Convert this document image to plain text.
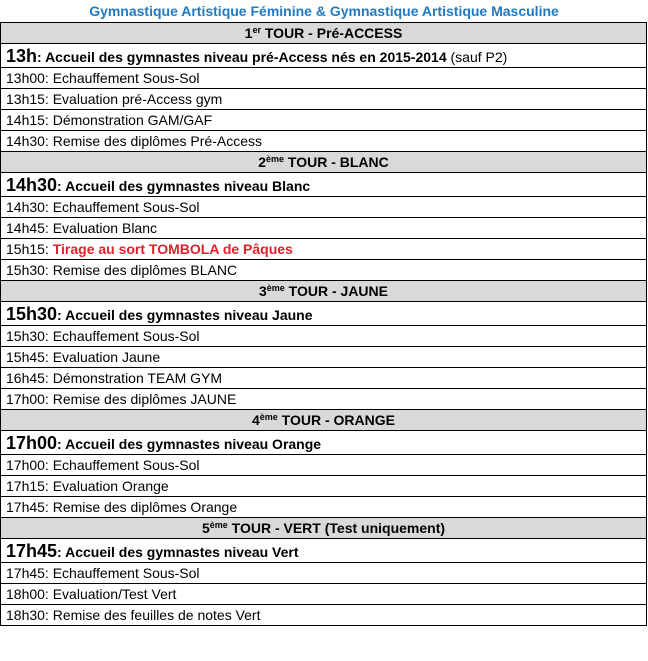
Gymnastique Artistique Féminine & Gymnastique Artistique Masculine
1er TOUR - Pré-ACCESS
13h: Accueil des gymnastes niveau pré-Access nés en 2015-2014 (sauf P2)
13h00: Echauffement Sous-Sol
13h15: Evaluation pré-Access gym
14h15: Démonstration GAM/GAF
14h30: Remise des diplômes Pré-Access
2ème TOUR - BLANC
14h30: Accueil des gymnastes niveau Blanc
14h30: Echauffement Sous-Sol
14h45: Evaluation Blanc
15h15: Tirage au sort TOMBOLA de Pâques
15h30: Remise des diplômes BLANC
3ème TOUR - JAUNE
15h30: Accueil des gymnastes niveau Jaune
15h30: Echauffement Sous-Sol
15h45: Evaluation Jaune
16h45: Démonstration TEAM GYM
17h00: Remise des diplômes JAUNE
4ème TOUR - ORANGE
17h00: Accueil des gymnastes niveau Orange
17h00: Echauffement Sous-Sol
17h15: Evaluation Orange
17h45: Remise des diplômes Orange
5ème TOUR - VERT (Test uniquement)
17h45: Accueil des gymnastes niveau Vert
17h45: Echauffement Sous-Sol
18h00: Evaluation/Test Vert
18h30: Remise des feuilles de notes Vert
